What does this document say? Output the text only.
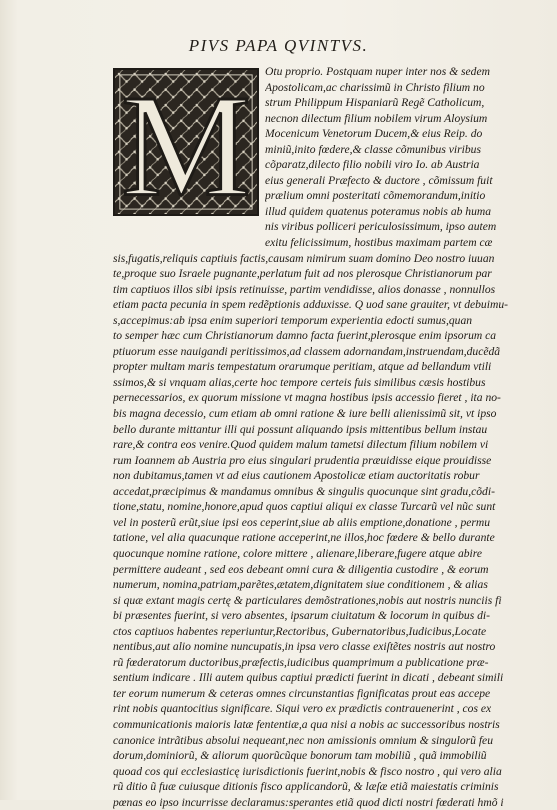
PIVS PAPA QVINTVS.
M Otu proprio. Postquam nuper inter nos & sedem
Apostolicam,ac charissimũ in Christo filium no
strum Philippum Hispaniarũ Regẽ Catholicum,
necnon dilectum filium nobilem virum Aloysium
Mocenicum Venetorum Ducem,& eius Reip. do
miniũ,inito fœdere,& classe cõmunibus viribus
cõparatz,dilecto filio nobili viro Io. ab Austria
eius generali Præfecto & ductore , cõmissum fuit
prælium omni posteritati cõmemorandum,initio
illud quidem quatenus poteramus nobis ab huma
nis viribus polliceri periculosissimum, ipso autem
exitu felicissimum, hostibus maximam partem cæ
sis,fugatis,reliquis captiuis factis,causam nimirum suam domino Deo nostro iuuan
te,proque suo Israele pugnante,perlatum fuit ad nos plerosque Christianorum par
tim captiuos illos sibi ipsis retinuisse, partim vendidisse, alios donasse , nonnullos
etiam pacta pecunia in spem redẽptionis adduxisse. Q uod sane grauiter, vt debuimu-
s,accepimus:ab ipsa enim superiori temporum experientia edocti sumus,quan
to semper hæc cum Christianorum damno facta fuerint,plerosque enim ipsorum ca
ptiuorum esse nauigandi peritissimos,ad classem adornandam,instruendam,ducẽdã
propter multam maris tempestatum orarumque peritiam, atque ad bellandum vtili
ssimos,& si vnquam alias,certe hoc tempore certeis fuis similibus cæsis hostibus
pernecessarios, ex quorum missione vt magna hostibus ipsis accessio fieret , ita no-
bis magna decessio, cum etiam ab omni ratione & iure belli alienissimũ sit, vt ipso
bello durante mittantur illi qui possunt aliquando ipsis mittentibus bellum instau
rare,& contra eos venire.Quod quidem malum tametsi dilectum filium nobilem vi
rum Ioannem ab Austria pro eius singulari prudentia præuidisse eique prouidisse
non dubitamus,tamen vt ad eius cautionem Apostolicæ etiam auctoritatis robur
accedat,præcipimus & mandamus omnibus & singulis quocunque sint gradu,cõdi-
tione,statu, nomine,honore,apud quos captiui aliqui ex classe Turcarũ vel nũc sunt
vel in posterũ erũt,siue ipsi eos ceperint,siue ab aliis emptione,donatione , permu
tatione, vel alia quacunque ratione acceperint,ne illos,hoc fœdere & bello durante
quocunque nomine ratione, colore mittere , alienare,liberare,fugere atque abire
permittere audeant , sed eos debeant omni cura & diligentia custodire , & eorum
numerum, nomina,patriam,parẽtes,ætatem,dignitatem siue conditionem , & alias
si quæ extant magis certę & particulares demõstrationes,nobis aut nostris nunciis fi
bi præsentes fuerint, si vero absentes, ipsarum ciuitatum & locorum in quibus di-
ctos captiuos habentes reperiuntur,Rectoribus, Gubernatoribus,Iudicibus,Locate
nentibus,aut alio nomine nuncupatis,in ipsa vero classe exiſtẽtes nostris aut nostro
rũ fœderatorum ductoribus,præfectis,iudicibus quamprimum a publicatione præ-
sentium indicare . Illi autem quibus captiui prædicti fuerint in dicati , debeant simili
ter eorum numerum & ceteras omnes circunstantias fignificatas prout eas accepe
rint nobis quantocitius significare. Siqui vero ex prædictis contrauenerint , cos ex
communicationis maioris latæ fententiæ,a qua nisi a nobis ac successoribus nostris
canonice intrãtibus absolui nequeant,nec non amissionis omnium & singulorũ feu
dorum,dominiorũ, & aliorum quorũcũque bonorum tam mobiliũ , quã immobiliũ
quoad cos qui ecclesiasticę iurisdictionis fuerint,nobis & fisco nostro , qui vero alia
rũ ditio ũ fuæ cuiusque ditionis fisco applicandorũ, & læſæ etiã maiestatis criminis
pœnas eo ipso incurrisse declaramus:sperantes etiã quod dicti nostri fœderati hmõ i
